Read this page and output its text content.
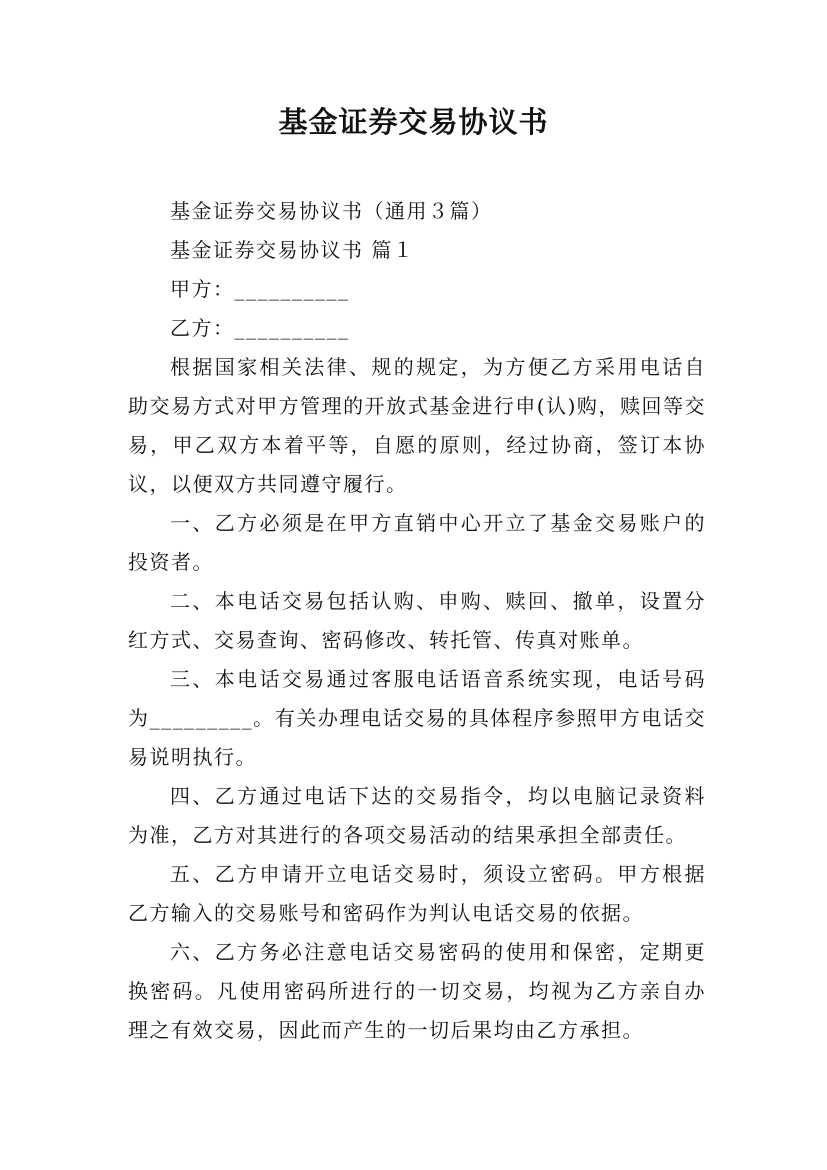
基金证券交易协议书

基金证券交易协议书（通用３篇）

基金证券交易协议书 篇１

甲方：__________

乙方：__________

根据国家相关法律、规的规定，为方便乙方采用电话自助交易方式对甲方管理的开放式基金进行申(认)购，赎回等交易，甲乙双方本着平等，自愿的原则，经过协商，签订本协议，以便双方共同遵守履行。

一、乙方必须是在甲方直销中心开立了基金交易账户的投资者。

二、本电话交易包括认购、申购、赎回、撤单，设置分红方式、交易查询、密码修改、转托管、传真对账单。

三、本电话交易通过客服电话语音系统实现，电话号码为_________。有关办理电话交易的具体程序参照甲方电话交易说明执行。

四、乙方通过电话下达的交易指令，均以电脑记录资料为准，乙方对其进行的各项交易活动的结果承担全部责任。

五、乙方申请开立电话交易时，须设立密码。甲方根据乙方输入的交易账号和密码作为判认电话交易的依据。

六、乙方务必注意电话交易密码的使用和保密，定期更换密码。凡使用密码所进行的一切交易，均视为乙方亲自办理之有效交易，因此而产生的一切后果均由乙方承担。
